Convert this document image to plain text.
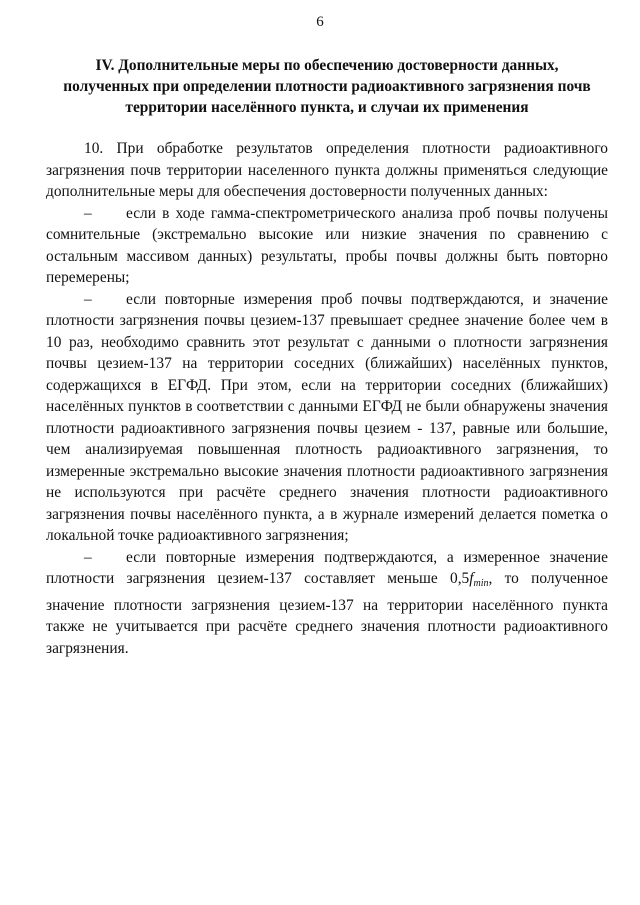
6
IV. Дополнительные меры по обеспечению достоверности данных,
полученных при определении плотности радиоактивного загрязнения почв
территории населённого пункта, и случаи их применения

10. При обработке результатов определения плотности радиоактивного загрязнения почв территории населенного пункта должны применяться следующие дополнительные меры для обеспечения достоверности полученных данных:

– если в ходе гамма-спектрометрического анализа проб почвы получены сомнительные (экстремально высокие или низкие значения по сравнению с остальным массивом данных) результаты, пробы почвы должны быть повторно перемерены;

– если повторные измерения проб почвы подтверждаются, и значение плотности загрязнения почвы цезием-137 превышает среднее значение более чем в 10 раз, необходимо сравнить этот результат с данными о плотности загрязнения почвы цезием-137 на территории соседних (ближайших) населённых пунктов, содержащихся в ЕГФД. При этом, если на территории соседних (ближайших) населённых пунктов в соответствии с данными ЕГФД не были обнаружены значения плотности радиоактивного загрязнения почвы цезием - 137, равные или большие, чем анализируемая повышенная плотность радиоактивного загрязнения, то измеренные экстремально высокие значения плотности радиоактивного загрязнения не используются при расчёте среднего значения плотности радиоактивного загрязнения почвы населённого пункта, а в журнале измерений делается пометка о локальной точке радиоактивного загрязнения;

– если повторные измерения подтверждаются, а измеренное значение плотности загрязнения цезием-137 составляет меньше $0,5f_{min}$, то полученное значение плотности загрязнения цезием-137 на территории населённого пункта также не учитывается при расчёте среднего значения плотности радиоактивного загрязнения.
